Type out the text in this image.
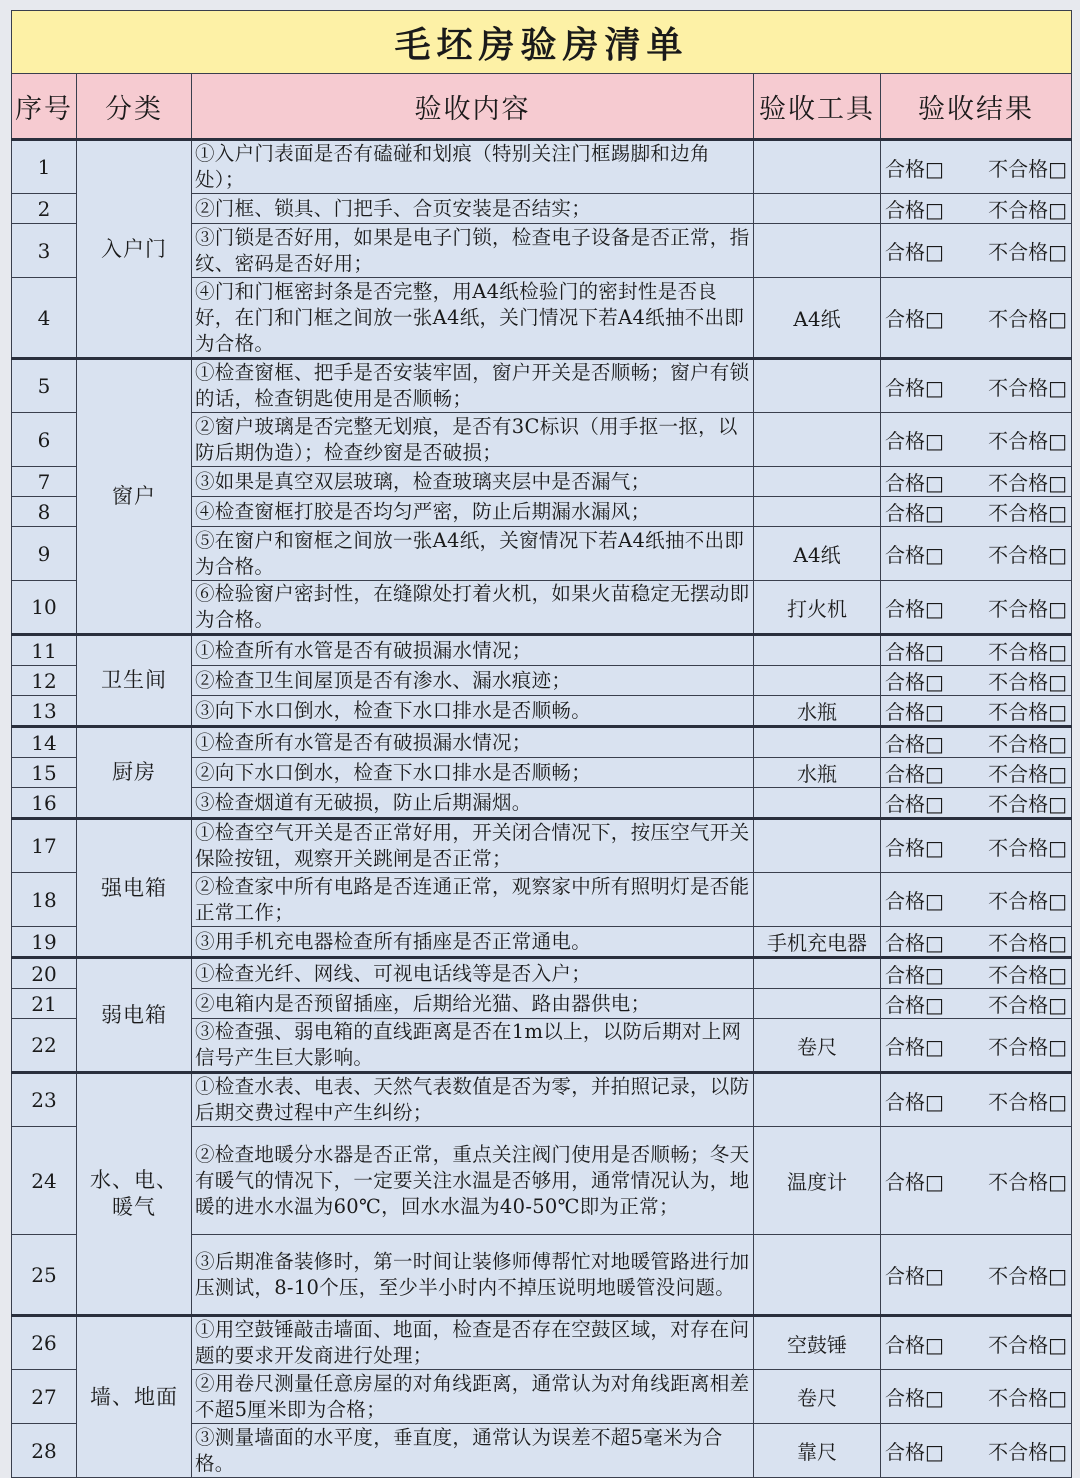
毛坯房验房清单				
序号	分类	验收内容	验收工具	验收结果
1	入户门	①入户门表面是否有磕碰和划痕（特别关注门框踢脚和边角处）；		合格□ 不合格□

2		②门框、锁具、门把手、合页安装是否结实；		合格□ 不合格□

3		③门锁是否好用，如果是电子门锁，检查电子设备是否正常，指纹、密码是否好用；		合格□ 不合格□

4		④门和门框密封条是否完整，用A4纸检验门的密封性是否良好，在门和门框之间放一张A4纸，关门情况下若A4纸抽不出即为合格。	A4纸	合格□ 不合格□

5	窗户	①检查窗框、把手是否安装牢固，窗户开关是否顺畅；窗户有锁的话，检查钥匙使用是否顺畅；		合格□ 不合格□

6		②窗户玻璃是否完整无划痕，是否有3C标识（用手抠一抠，以防后期伪造）；检查纱窗是否破损；		合格□ 不合格□

7		③如果是真空双层玻璃，检查玻璃夹层中是否漏气；		合格□ 不合格□

8		④检查窗框打胶是否均匀严密，防止后期漏水漏风；		合格□ 不合格□

9		⑤在窗户和窗框之间放一张A4纸，关窗情况下若A4纸抽不出即为合格。	A4纸	合格□ 不合格□

10		⑥检验窗户密封性，在缝隙处打着火机，如果火苗稳定无摆动即为合格。	打火机	合格□ 不合格□

11	卫生间	①检查所有水管是否有破损漏水情况；		合格□ 不合格□

12		②检查卫生间屋顶是否有渗水、漏水痕迹；		合格□ 不合格□

13		③向下水口倒水，检查下水口排水是否顺畅。	水瓶	合格□ 不合格□

14	厨房	①检查所有水管是否有破损漏水情况；		合格□ 不合格□

15		②向下水口倒水，检查下水口排水是否顺畅；	水瓶	合格□ 不合格□

16		③检查烟道有无破损，防止后期漏烟。		合格□ 不合格□

17	强电箱	①检查空气开关是否正常好用，开关闭合情况下，按压空气开关保险按钮，观察开关跳闸是否正常；		合格□ 不合格□

18		②检查家中所有电路是否连通正常，观察家中所有照明灯是否能正常工作；		合格□ 不合格□

19		③用手机充电器检查所有插座是否正常通电。	手机充电器	合格□ 不合格□

20	弱电箱	①检查光纤、网线、可视电话线等是否入户；		合格□ 不合格□

21		②电箱内是否预留插座，后期给光猫、路由器供电；		合格□ 不合格□

22		③检查强、弱电箱的直线距离是否在1m以上，以防后期对上网信号产生巨大影响。	卷尺	合格□ 不合格□

23	水、电、暖气	①检查水表、电表、天然气表数值是否为零，并拍照记录，以防后期交费过程中产生纠纷；		合格□ 不合格□

24		②检查地暖分水器是否正常，重点关注阀门使用是否顺畅；冬天有暖气的情况下，一定要关注水温是否够用，通常情况认为，地暖的进水水温为60℃，回水水温为40-50℃即为正常；	温度计	合格□ 不合格□

25		③后期准备装修时，第一时间让装修师傅帮忙对地暖管路进行加压测试，8-10个压，至少半小时内不掉压说明地暖管没问题。		合格□ 不合格□

26	墙、地面	①用空鼓锤敲击墙面、地面，检查是否存在空鼓区域，对存在问题的要求开发商进行处理；	空鼓锤	合格□ 不合格□

27		②用卷尺测量任意房屋的对角线距离，通常认为对角线距离相差不超5厘米即为合格；	卷尺	合格□ 不合格□

28		③测量墙面的水平度，垂直度，通常认为误差不超5毫米为合格。	靠尺	合格□ 不合格□
